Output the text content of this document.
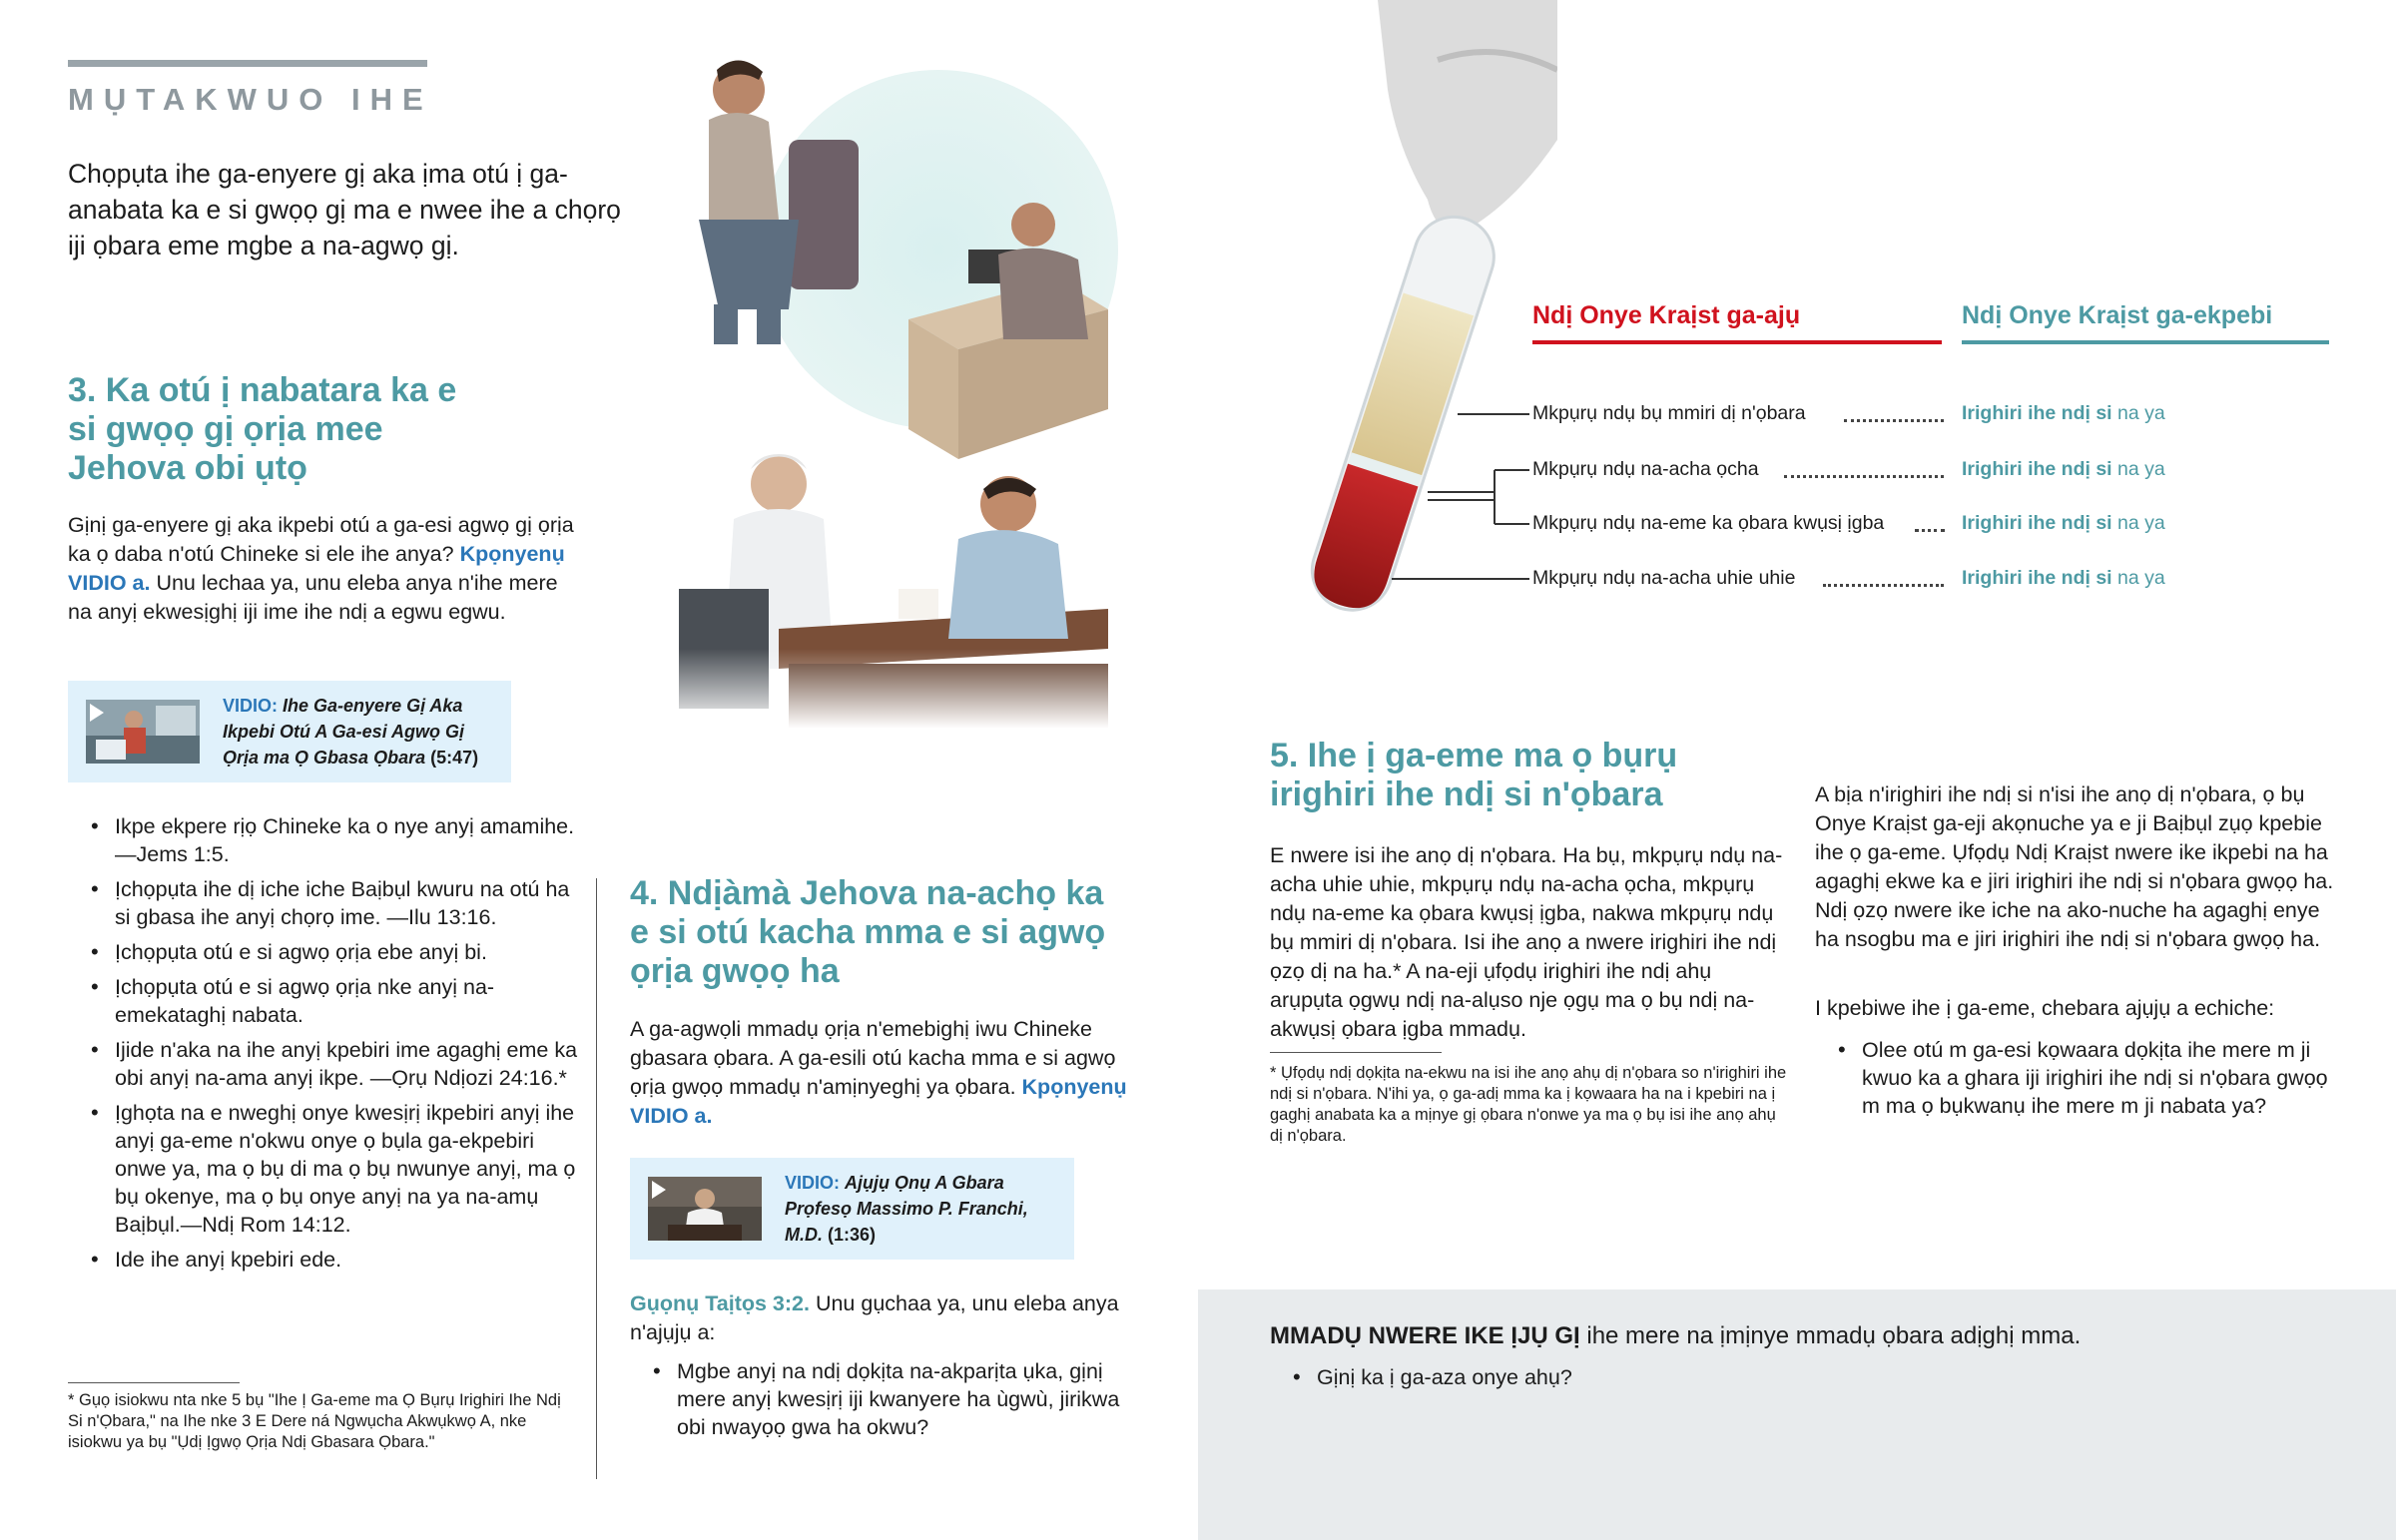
MỤTAKWUO IHE
Chọpụta ihe ga-enyere gị aka ịma otú ị ga-anabata ka e si gwọọ gị ma e nwee ihe a chọrọ iji ọbara eme mgbe a na-agwọ gị.
3. Ka otú ị nabatara ka e si gwọọ gị ọrịa mee Jehova obi ụtọ
Gịnị ga-enyere gị aka ikpebi otú a ga-esi agwọ gị ọrịa ka ọ daba n'otú Chineke si ele ihe anya? Kpọnyenụ VIDIO a. Unu lechaa ya, unu eleba anya n'ihe mere na anyị ekwesịghị iji ime ihe ndị a egwu egwu.
VIDIO: Ihe Ga-enyere Gị Aka Ikpebi Otú A Ga-esi Agwọ Gị Ọrịa ma Ọ Gbasa Ọbara (5:47)
• Ikpe ekpere rịọ Chineke ka o nye anyị amamihe.—Jems 1:5.
• Ịchọpụta ihe dị iche iche Baịbụl kwuru na otú ha si gbasa ihe anyị chọrọ ime. —Ilu 13:16.
• Ịchọpụta otú e si agwọ ọrịa ebe anyị bi.
• Ịchọpụta otú e si agwọ ọrịa nke anyị na-emekataghị nabata.
• Ijide n'aka na ihe anyị kpebiri ime agaghị eme ka obi anyị na-ama anyị ikpe. —Ọrụ Ndịozi 24:16.*
• Ịghọta na e nweghị onye kwesịrị ikpebiri anyị ihe anyị ga-eme n'okwu onye ọ bụla ga-ekpebiri onwe ya, ma ọ bụ di ma ọ bụ nwunye anyị, ma ọ bụ okenye, ma ọ bụ onye anyị na ya na-amụ Baịbụl.—Ndị Rom 14:12.
• Ide ihe anyị kpebiri ede.
* Gụọ isiokwu nta nke 5 bụ "Ihe Ị Ga-eme ma Ọ Bụrụ Irighiri Ihe Ndị Si n'Ọbara," na Ihe nke 3 E Dere ná Ngwụcha Akwụkwọ A, nke isiokwu ya bụ "Ụdị Ịgwọ Ọrịa Ndị Gbasara Ọbara."
4. Ndịàmà Jehova na-achọ ka e si otú kacha mma e si agwọ ọrịa gwọọ ha
A ga-agwọli mmadụ ọrịa n'emebighị iwu Chineke gbasara ọbara. A ga-esili otú kacha mma e si agwọ ọrịa gwọọ mmadụ n'amịnyeghị ya ọbara. Kpọnyenụ VIDIO a.
VIDIO: Ajụjụ Ọnụ A Gbara Prọfesọ Massimo P. Franchi, M.D. (1:36)
Gụọnụ Taịtọs 3:2. Unu gụchaa ya, unu eleba anya n'ajụjụ a:
• Mgbe anyị na ndị dọkịta na-akparịta ụka, gịnị mere anyị kwesịrị iji kwanyere ha ùgwù, jirikwa obi nwayọọ gwa ha okwu?
Ndị Onye Kraịst ga-ajụ	Ndị Onye Kraịst ga-ekpebi
Mkpụrụ ndụ bụ mmiri dị n'ọbara	Irighiri ihe ndị si na ya
Mkpụrụ ndụ na-acha ọcha	Irighiri ihe ndị si na ya
Mkpụrụ ndụ na-eme ka ọbara kwụsị ịgba	Irighiri ihe ndị si na ya
Mkpụrụ ndụ na-acha uhie uhie	Irighiri ihe ndị si na ya
5. Ihe ị ga-eme ma ọ bụrụ irighiri ihe ndị si n'ọbara
E nwere isi ihe anọ dị n'ọbara. Ha bụ, mkpụrụ ndụ na-acha uhie uhie, mkpụrụ ndụ na-acha ọcha, mkpụrụ ndụ na-eme ka ọbara kwụsị ịgba, nakwa mkpụrụ ndụ bụ mmiri dị n'ọbara. Isi ihe anọ a nwere irighiri ihe ndị ọzọ dị na ha.* A na-eji ụfọdụ irighiri ihe ndị ahụ arụpụta ọgwụ ndị na-alụso nje ọgụ ma ọ bụ ndị na-akwụsị ọbara ịgba mmadụ.
* Ụfọdụ ndị dọkịta na-ekwu na isi ihe anọ ahụ dị n'ọbara so n'irighiri ihe ndị si n'ọbara. N'ihi ya, ọ ga-adị mma ka ị kọwaara ha na i kpebiri na ị gaghị anabata ka a mịnye gị ọbara n'onwe ya ma ọ bụ isi ihe anọ ahụ dị n'ọbara.
A bịa n'irighiri ihe ndị si n'isi ihe anọ dị n'ọbara, ọ bụ Onye Kraịst ga-eji akọnuche ya e ji Baịbụl zụọ kpebie ihe ọ ga-eme. Ụfọdụ Ndị Kraịst nwere ike ikpebi na ha agaghị ekwe ka e jiri irighiri ihe ndị si n'ọbara gwọọ ha. Ndị ọzọ nwere ike iche na ako-nuche ha agaghị enye ha nsogbu ma e jiri irighiri ihe ndị si n'ọbara gwọọ ha.
I kpebiwe ihe ị ga-eme, chebara ajụjụ a echiche:
• Olee otú m ga-esi kọwaara dọkịta ihe mere m ji kwuo ka a ghara iji irighiri ihe ndị si n'ọbara gwọọ m ma ọ bụkwanụ ihe mere m ji nabata ya?
MMADỤ NWERE IKE ỊJỤ GỊ ihe mere na ịmịnye mmadụ ọbara adịghị mma.
• Gịnị ka ị ga-aza onye ahụ?
